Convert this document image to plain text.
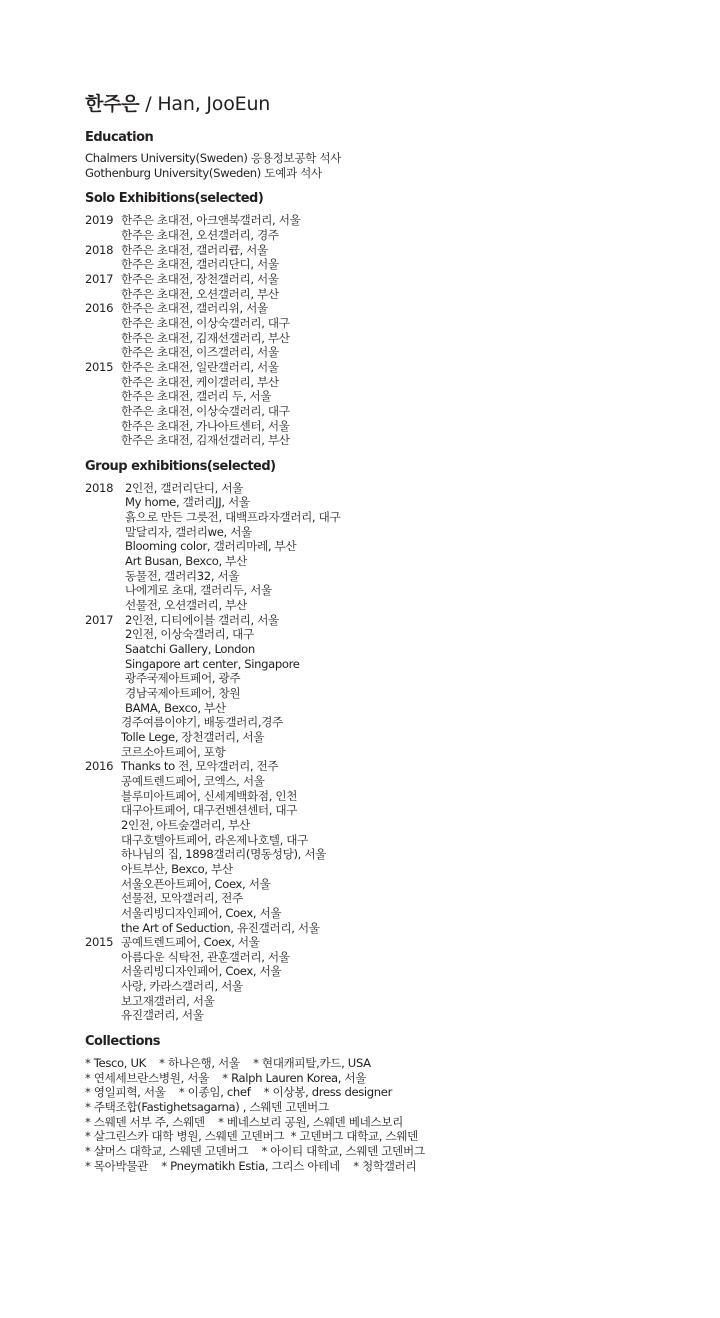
한주은 / Han, JooEun
Education
Chalmers University(Sweden) 응용정보공학 석사
Gothenburg University(Sweden) 도예과 석사
Solo Exhibitions(selected)
2019 한주은 초대전, 아크앤북갤러리, 서울
한주은 초대전, 오션갤러리, 경주
2018 한주은 초대전, 갤러리큡, 서울
한주은 초대전, 갤러리단디, 서울
2017 한주은 초대전, 장천갤러리, 서울
한주은 초대전, 오션갤러리, 부산
2016 한주은 초대전, 갤러리위, 서울
한주은 초대전, 이상숙갤러리, 대구
한주은 초대전, 김재선갤러리, 부산
한주은 초대전, 이즈갤러리, 서울
2015 한주은 초대전, 일란갤러리, 서울
한주은 초대전, 케이갤러리, 부산
한주은 초대전, 갤러리 두, 서울
한주은 초대전, 이상숙갤러리, 대구
한주은 초대전, 가나아트센터, 서울
한주은 초대전, 김재선갤러리, 부산
Group exhibitions(selected)
2018	2인전, 갤러리단디, 서울
My home, 갤러리JJ, 서울
흙으로 만든 그릇전, 대백프라자갤러리, 대구
말달리자, 갤러리we, 서울
Blooming color, 갤러리마레, 부산
Art Busan, Bexco, 부산
동물전, 갤러리32, 서울
나에게로 초대, 갤러리두, 서울
선물전, 오션갤러리, 부산
2017	2인전, 디티에이블 갤러리, 서울
2인전, 이상숙갤러리, 대구
Saatchi Gallery, London
Singapore art center, Singapore
광주국제아트페어, 광주
경남국제아트페어, 창원
BAMA, Bexco, 부산
경주여름이야기, 배동갤러리,경주
Tolle Lege, 장천갤러리, 서울
코르소아트페어, 포항
2016 Thanks to 전, 모악갤러리, 전주
공예트렌드페어, 코엑스, 서울
블루미아트페어, 신세계백화점, 인천
대구아트페어, 대구컨벤션센터, 대구
2인전, 아트숲갤러리, 부산
대구호텔아트페어, 라온제나호텔, 대구
하나님의 집, 1898갤러리(명동성당), 서울
아트부산, Bexco, 부산
서울오픈아트페어, Coex, 서울
선물전, 모악갤러리, 전주
서울리빙디자인페어, Coex, 서울
the Art of Seduction, 유진갤러리, 서울
2015 공예트렌드페어, Coex, 서울
아름다운 식탁전, 관훈갤러리, 서울
서울리빙디자인페어, Coex, 서울
사랑, 카라스갤러리, 서울
보고재갤러리, 서울
유진갤러리, 서울
Collections
* Tesco, UK    * 하나은행, 서울    * 현대캐피탈,카드, USA
* 연세세브란스병원, 서울    * Ralph Lauren Korea, 서울
* 영일피혁, 서울    * 이종임, chef    * 이상봉, dress designer
* 주택조합(Fastighetsagarna) , 스웨덴 고덴버그
* 스웨덴 서부 주, 스웨덴    * 베네스보리 공원, 스웨덴 베네스보리
* 살그린스카 대학 병원, 스웨덴 고덴버그  * 고덴버그 대학교, 스웨덴
* 샬머스 대학교, 스웨덴 고덴버그    * 아이티 대학교, 스웨덴 고덴버그
* 목아박물관    * Pneymatikh Estia, 그리스 아테네    * 청학갤러리
